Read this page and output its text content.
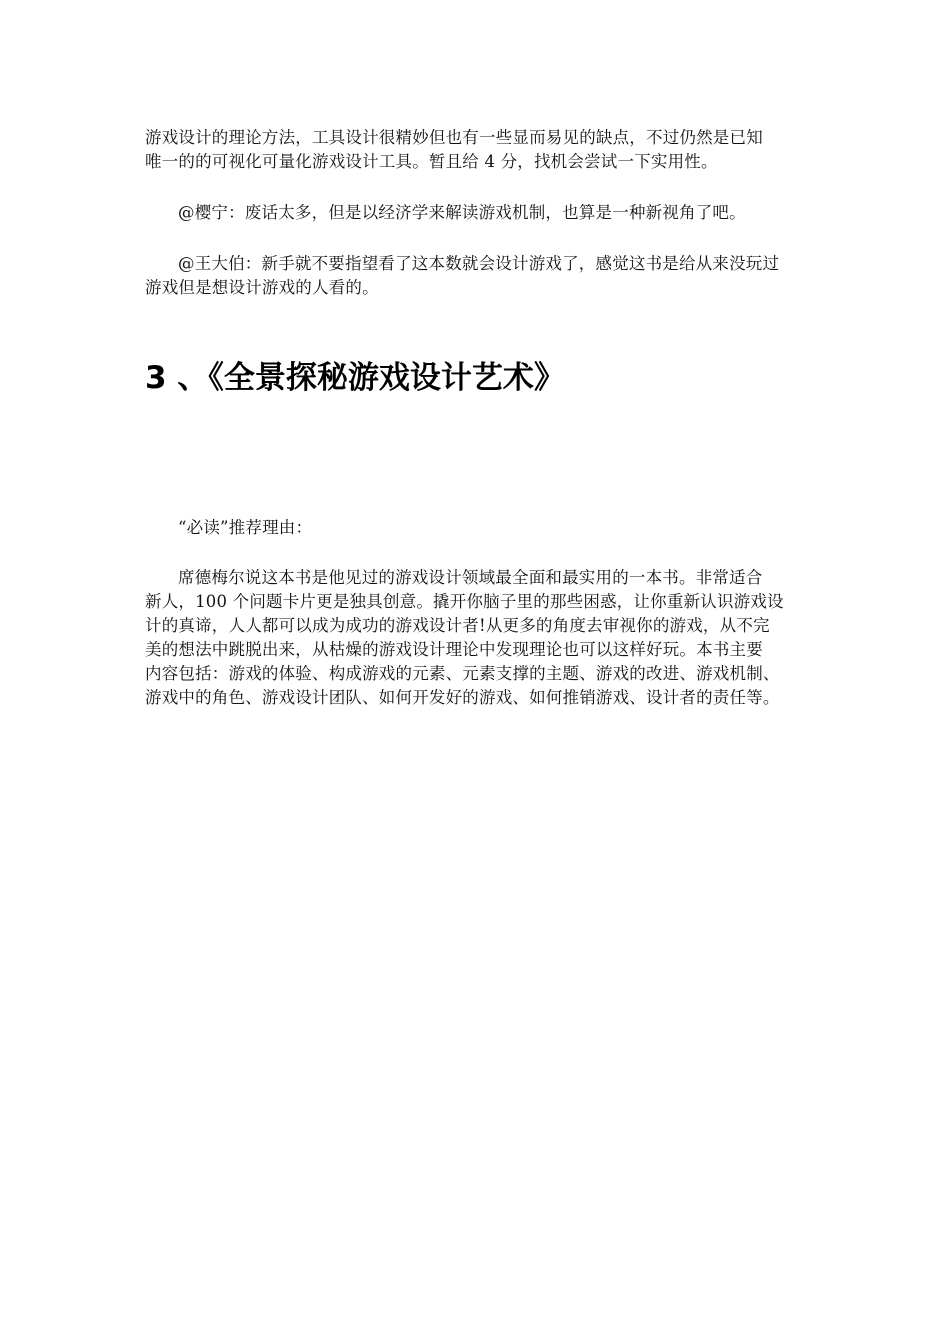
游戏设计的理论方法，工具设计很精妙但也有一些显而易见的缺点，不过仍然是已知
唯一的的可视化可量化游戏设计工具。暂且给 4 分，找机会尝试一下实用性。
@樱宁：废话太多，但是以经济学来解读游戏机制，也算是一种新视角了吧。
@王大伯：新手就不要指望看了这本数就会设计游戏了，感觉这书是给从来没玩过
游戏但是想设计游戏的人看的。
3 、《全景探秘游戏设计艺术》
“必读”推荐理由：
席德梅尔说这本书是他见过的游戏设计领域最全面和最实用的一本书。非常适合
新人，100 个问题卡片更是独具创意。撬开你脑子里的那些困惑，让你重新认识游戏设
计的真谛，人人都可以成为成功的游戏设计者!从更多的角度去审视你的游戏，从不完
美的想法中跳脱出来，从枯燥的游戏设计理论中发现理论也可以这样好玩。本书主要
内容包括：游戏的体验、构成游戏的元素、元素支撑的主题、游戏的改进、游戏机制、
游戏中的角色、游戏设计团队、如何开发好的游戏、如何推销游戏、设计者的责任等。
